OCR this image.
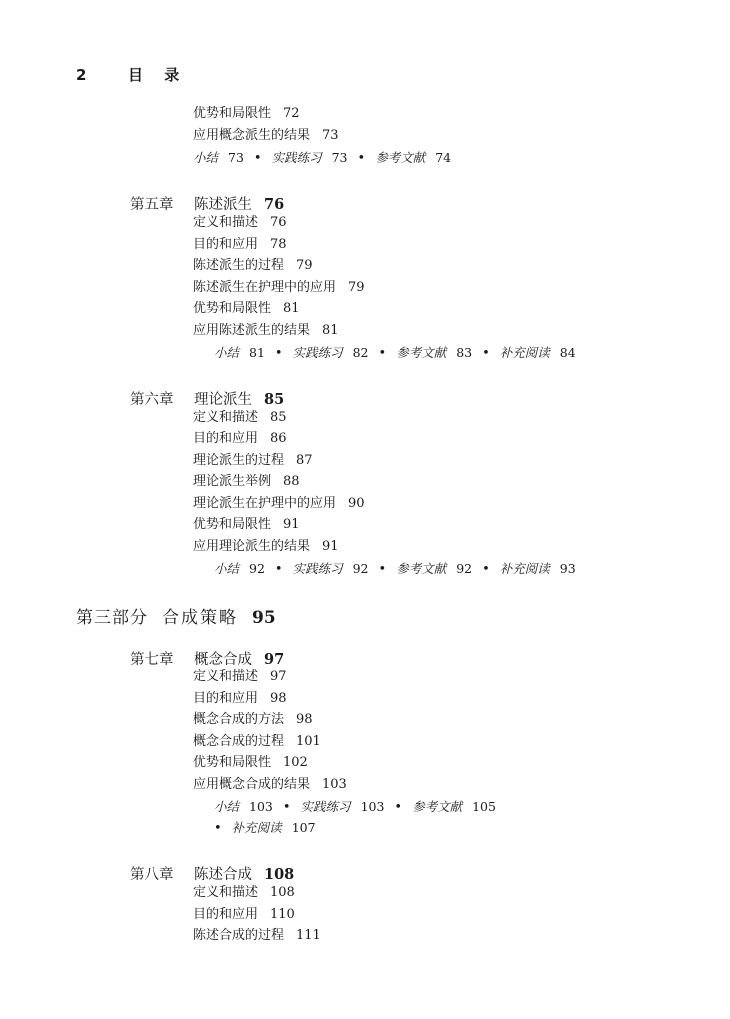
2	目 录
优势和局限性 72
应用概念派生的结果 73
小结 73 • 实践练习 73 • 参考文献 74
第五章 陈述派生 76
定义和描述 76
目的和应用 78
陈述派生的过程 79
陈述派生在护理中的应用 79
优势和局限性 81
应用陈述派生的结果 81
小结 81 • 实践练习 82 • 参考文献 83 • 补充阅读 84
第六章 理论派生 85
定义和描述 85
目的和应用 86
理论派生的过程 87
理论派生举例 88
理论派生在护理中的应用 90
优势和局限性 91
应用理论派生的结果 91
小结 92 • 实践练习 92 • 参考文献 92 • 补充阅读 93
第三部分 合成策略 95
第七章 概念合成 97
定义和描述 97
目的和应用 98
概念合成的方法 98
概念合成的过程 101
优势和局限性 102
应用概念合成的结果 103
小结 103 • 实践练习 103 • 参考文献 105
• 补充阅读 107
第八章 陈述合成 108
定义和描述 108
目的和应用 110
陈述合成的过程 111
